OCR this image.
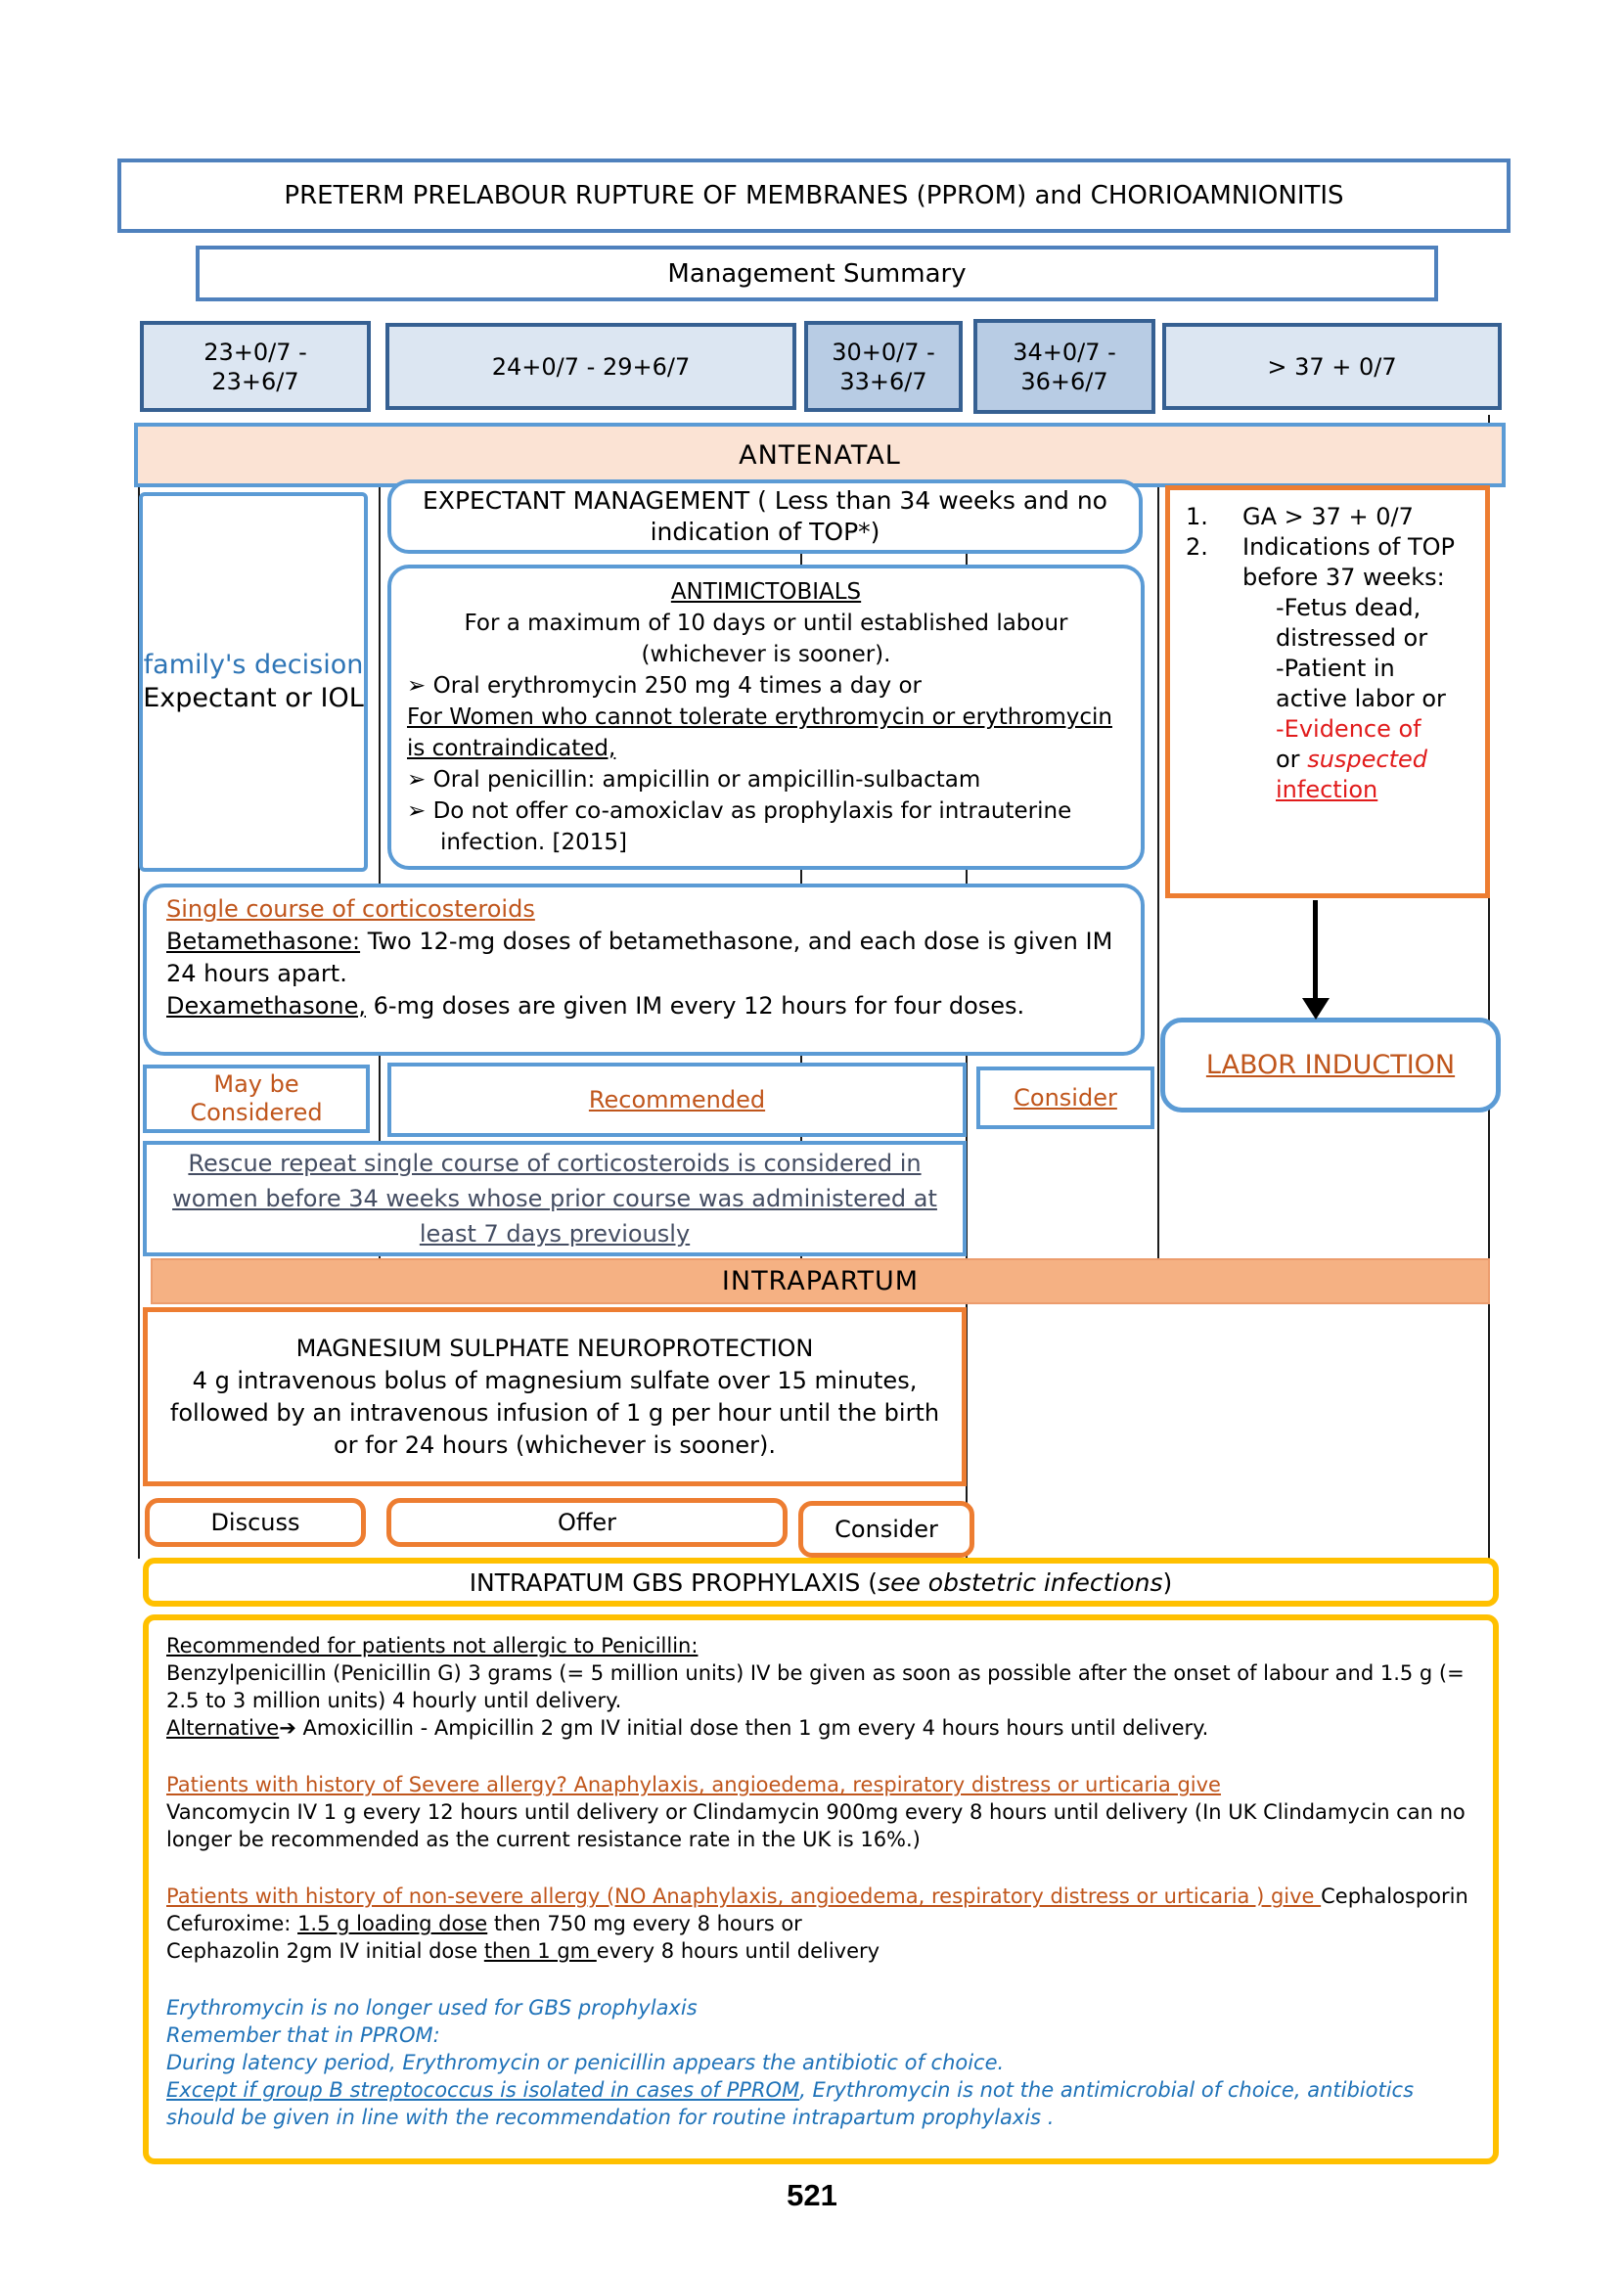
PRETERM PRELABOUR RUPTURE OF MEMBRANES (PPROM) and CHORIOAMNIONITIS
Management Summary
23+0/7 - 23+6/7
24+0/7 - 29+6/7
30+0/7 - 33+6/7
34+0/7 - 36+6/7
> 37 + 0/7
ANTENATAL
family's decision
Expectant or IOL
EXPECTANT MANAGEMENT ( Less than 34 weeks and no indication of TOP*)
ANTIMICTOBIALS
For a maximum of 10 days or until established labour (whichever is sooner).
➢ Oral erythromycin 250 mg 4 times a day or
For Women who cannot tolerate erythromycin or erythromycin is contraindicated,
➢ Oral penicillin: ampicillin or ampicillin-sulbactam
➢ Do not offer co-amoxiclav as prophylaxis for intrauterine infection. [2015]
1.	GA > 37 + 0/7
2.	Indications of TOP before 37 weeks:
-Fetus dead, distressed or
-Patient in active labor or
-Evidence of
or suspected
infection
LABOR INDUCTION
Single course of corticosteroids
Betamethasone: Two 12-mg doses of betamethasone, and each dose is given IM 24 hours apart.
Dexamethasone, 6-mg doses are given IM every 12 hours for four doses.
May be Considered	Recommended	Consider
Rescue repeat single course of corticosteroids is considered in women before 34 weeks whose prior course was administered at least 7 days previously
INTRAPARTUM
MAGNESIUM SULPHATE NEUROPROTECTION
4 g intravenous bolus of magnesium sulfate over 15 minutes, followed by an intravenous infusion of 1 g per hour until the birth or for 24 hours (whichever is sooner).
Discuss	Offer	Consider
INTRAPATUM GBS PROPHYLAXIS (see obstetric infections)
Recommended for patients not allergic to Penicillin:
Benzylpenicillin (Penicillin G) 3 grams (= 5 million units) IV be given as soon as possible after the onset of labour and 1.5 g (= 2.5 to 3 million units) 4 hourly until delivery.
Alternative➔ Amoxicillin - Ampicillin 2 gm IV initial dose then 1 gm every 4 hours hours until delivery.
Patients with history of Severe allergy? Anaphylaxis, angioedema, respiratory distress or urticaria give
Vancomycin IV 1 g every 12 hours until delivery or Clindamycin 900mg every 8 hours until delivery (In UK Clindamycin can no longer be recommended as the current resistance rate in the UK is 16%.)
Patients with history of non-severe allergy (NO Anaphylaxis, angioedema, respiratory distress or urticaria ) give Cephalosporin Cefuroxime: 1.5 g loading dose then 750 mg every 8 hours or
Cephazolin 2gm IV initial dose then 1 gm every 8 hours until delivery
Erythromycin is no longer used for GBS prophylaxis
Remember that in PPROM:
During latency period, Erythromycin or penicillin appears the antibiotic of choice.
Except if group B streptococcus is isolated in cases of PPROM, Erythromycin is not the antimicrobial of choice, antibiotics should be given in line with the recommendation for routine intrapartum prophylaxis .
521
